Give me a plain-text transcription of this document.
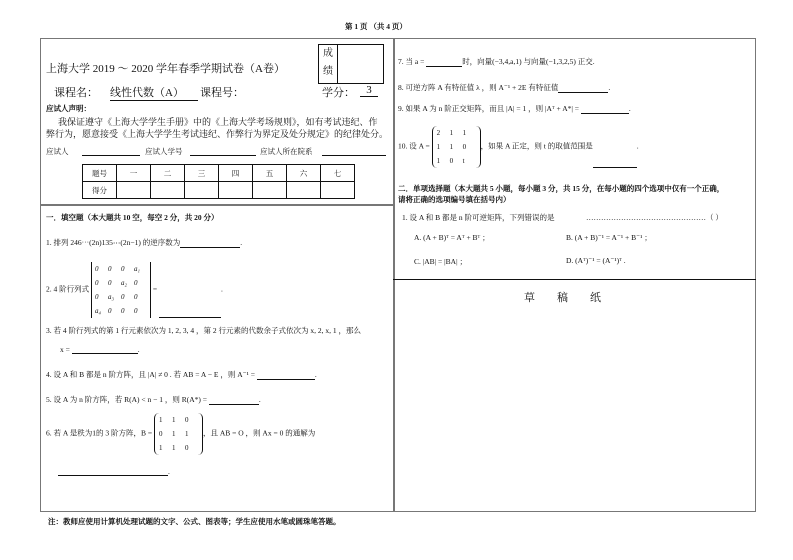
第 1 页 （共 4 页）
上海大学 2019 ～ 2020 学年春季学期试卷（A卷）
成绩
课程名： 线性代数（A）	课程号：	学分：	3
应试人声明：
我保证遵守《上海大学学生手册》中的《上海大学考场规则》，如有考试违纪、作
弊行为，愿意接受《上海大学学生考试违纪、作弊行为界定及处分规定》的纪律处分。
应试人	应试人学号	应试人所在院系
题号	一	二	三	四	五	六	七
得分							
一．填空题（本大题共 10 空，每空 2 分，共 20 分）
1. 排列 246⋯(2n)135⋯(2n−1) 的逆序数为	.
2. 4 阶行列式
0 0 0 a₁
0 0 a₂ 0
0 a₃ 0 0
a₄ 0 0 0
=	.
3. 若 4 阶行列式的第 1 行元素依次为 1, 2, 3, 4 ，第 2 行元素的代数余子式依次为 x, 2, x, 1 ，那么
x =	.
4. 设 A 和 B 都是 n 阶方阵，且 |A| ≠ 0 . 若 AB = A − E ，则 A⁻¹ =	.
5. 设 A 为 n 阶方阵，若 R(A) < n − 1 ，则 R(A*) =	.
6. 若 A 是秩为1的 3 阶方阵，B =
1 1 0
0 1 1
1 1 0
，且 AB = O ，则 Ax = 0 的通解为
.
7. 当 a =	时，向量(−3,4,a,1) 与向量(−1,3,2,5) 正交.
8. 可逆方阵 A 有特征值 λ ，则 A⁻¹ + 2E 有特征值	.
9. 如果 A 为 n 阶正交矩阵，而且 |A| = 1 ，则 |Aᵀ + A*| =	.
10. 设 A =
2 1 1
1 1 0
1 0 t
，如果 A 正定，则 t 的取值范围是	.
二．单项选择题（本大题共 5 小题，每小题 3 分，共 15 分，在每小题的四个选项中仅有一个正确，
请将正确的选项编号填在括号内）
1. 设 A 和 B 都是 n 阶可逆矩阵，下列错误的是	…………………………………………（ ）
A. (A + B)ᵀ = Aᵀ + Bᵀ ；	B. (A + B)⁻¹ = A⁻¹ + B⁻¹ ；
C. |AB| = |BA| ；	D. (Aᵀ)⁻¹ = (A⁻¹)ᵀ .
草　　稿　　纸
注：教师应使用计算机处理试题的文字、公式、图表等；学生应使用水笔或圆珠笔答题。
